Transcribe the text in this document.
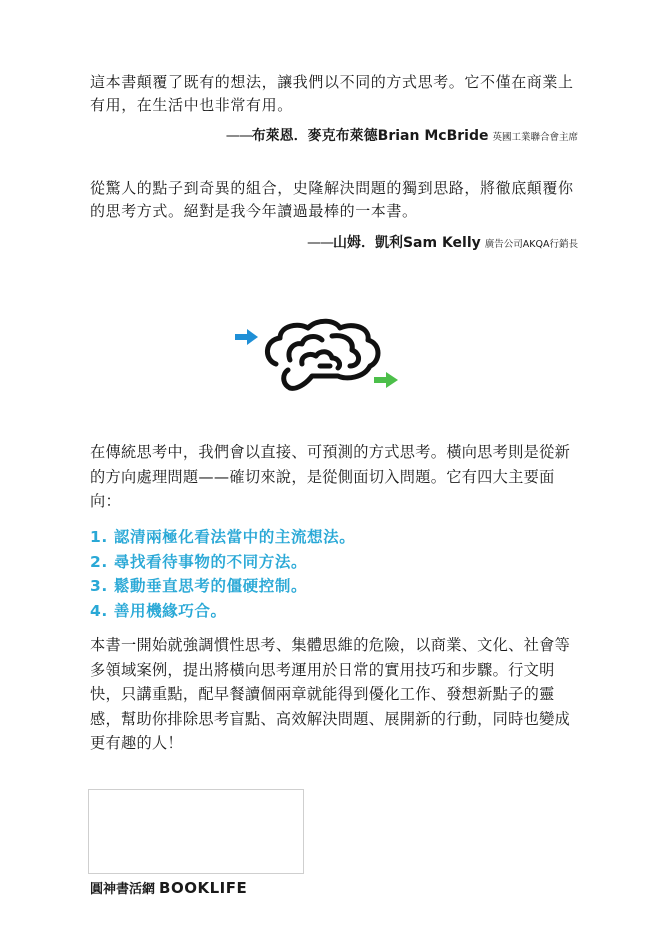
這本書顛覆了既有的想法，讓我們以不同的方式思考。它不僅在商業上有用，在生活中也非常有用。
——布萊恩．麥克布萊德Brian McBride 英國工業聯合會主席
從驚人的點子到奇異的組合，史隆解決問題的獨到思路，將徹底顛覆你的思考方式。絕對是我今年讀過最棒的一本書。
——山姆．凱利Sam Kelly 廣告公司AKQA行銷長
在傳統思考中，我們會以直接、可預測的方式思考。橫向思考則是從新的方向處理問題——確切來說，是從側面切入問題。它有四大主要面向：
1. 認清兩極化看法當中的主流想法。
2. 尋找看待事物的不同方法。
3. 鬆動垂直思考的僵硬控制。
4. 善用機緣巧合。
本書一開始就強調慣性思考、集體思維的危險，以商業、文化、社會等多領域案例，提出將橫向思考運用於日常的實用技巧和步驟。行文明快，只講重點，配早餐讀個兩章就能得到優化工作、發想新點子的靈感，幫助你排除思考盲點、高效解決問題、展開新的行動，同時也變成更有趣的人！
圓神書活網 BOOKLIFE
